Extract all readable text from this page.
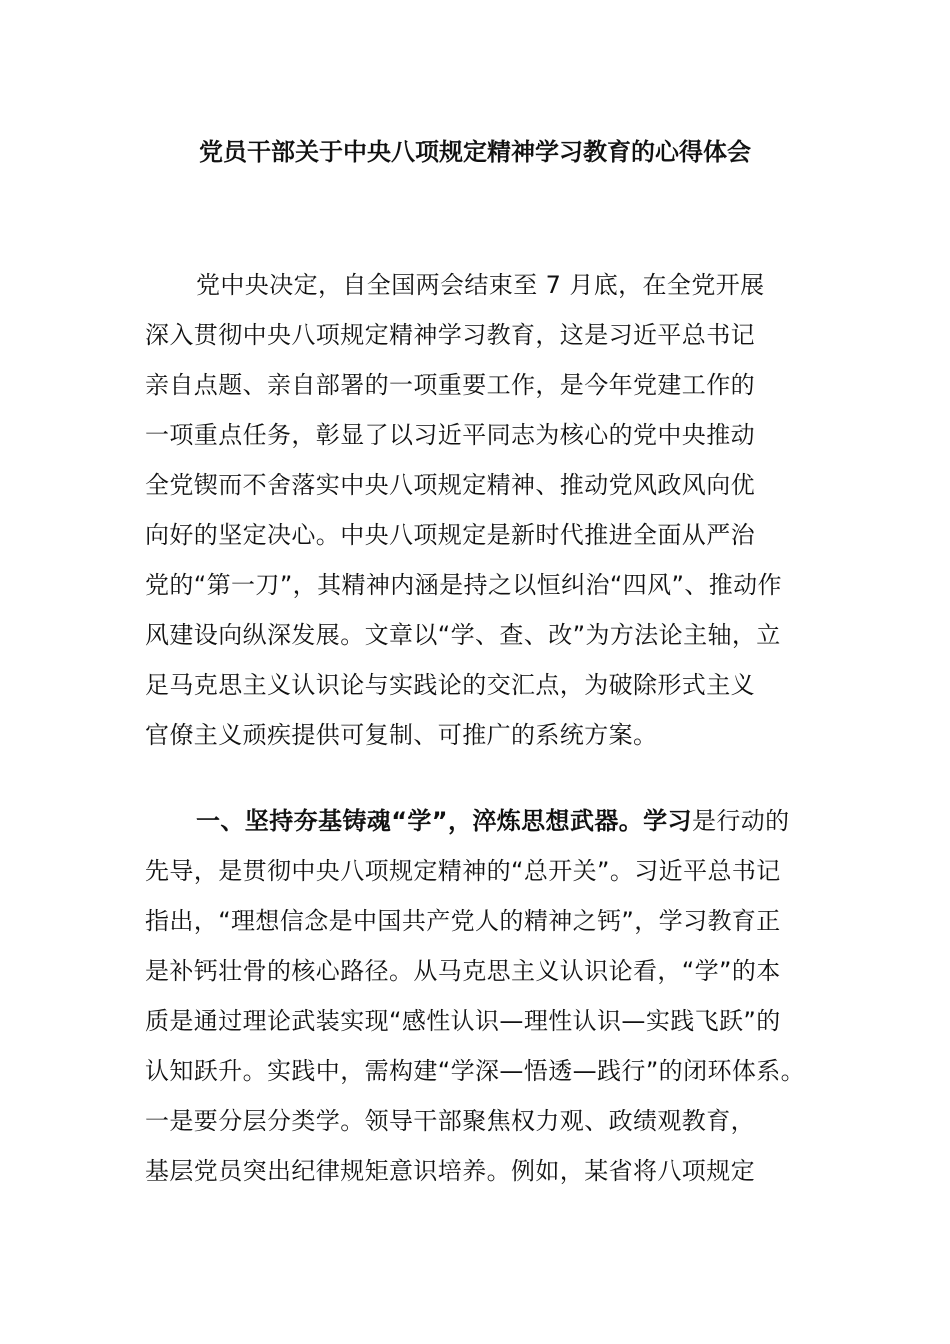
党员干部关于中央八项规定精神学习教育的心得体会
党中央决定，自全国两会结束至 7 月底，在全党开展
深入贯彻中央八项规定精神学习教育，这是习近平总书记
亲自点题、亲自部署的一项重要工作，是今年党建工作的
一项重点任务，彰显了以习近平同志为核心的党中央推动
全党锲而不舍落实中央八项规定精神、推动党风政风向优
向好的坚定决心。中央八项规定是新时代推进全面从严治
党的“第一刀”，其精神内涵是持之以恒纠治“四风”、推动作
风建设向纵深发展。文章以“学、查、改”为方法论主轴，立
足马克思主义认识论与实践论的交汇点，为破除形式主义
官僚主义顽疾提供可复制、可推广的系统方案。
一、坚持夯基铸魂“学”，淬炼思想武器。学习是行动的
先导，是贯彻中央八项规定精神的“总开关”。习近平总书记
指出，“理想信念是中国共产党人的精神之钙”，学习教育正
是补钙壮骨的核心路径。从马克思主义认识论看，“学”的本
质是通过理论武装实现“感性认识—理性认识—实践飞跃”的
认知跃升。实践中，需构建“学深—悟透—践行”的闭环体系。
一是要分层分类学。领导干部聚焦权力观、政绩观教育，
基层党员突出纪律规矩意识培养。例如，某省将八项规定
